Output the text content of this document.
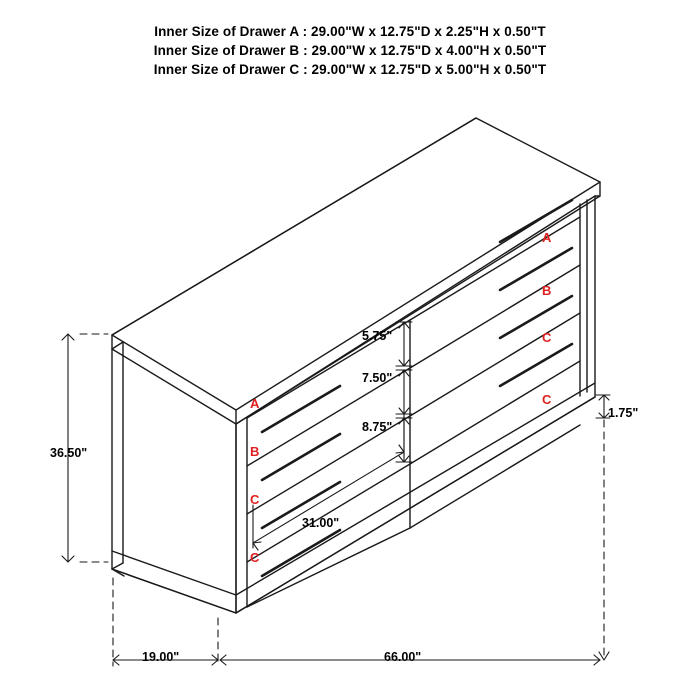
Inner Size of Drawer A : 29.00"W x 12.75"D x 2.25"H x 0.50"T
Inner Size of Drawer B : 29.00"W x 12.75"D x 4.00"H x 0.50"T
Inner Size of Drawer C : 29.00"W x 12.75"D x 5.00"H x 0.50"T
36.50"
19.00"	66.00"
1.75"
31.00"
5.75"
7.50"
8.75"
A
B
C
C
A
B
C
C
